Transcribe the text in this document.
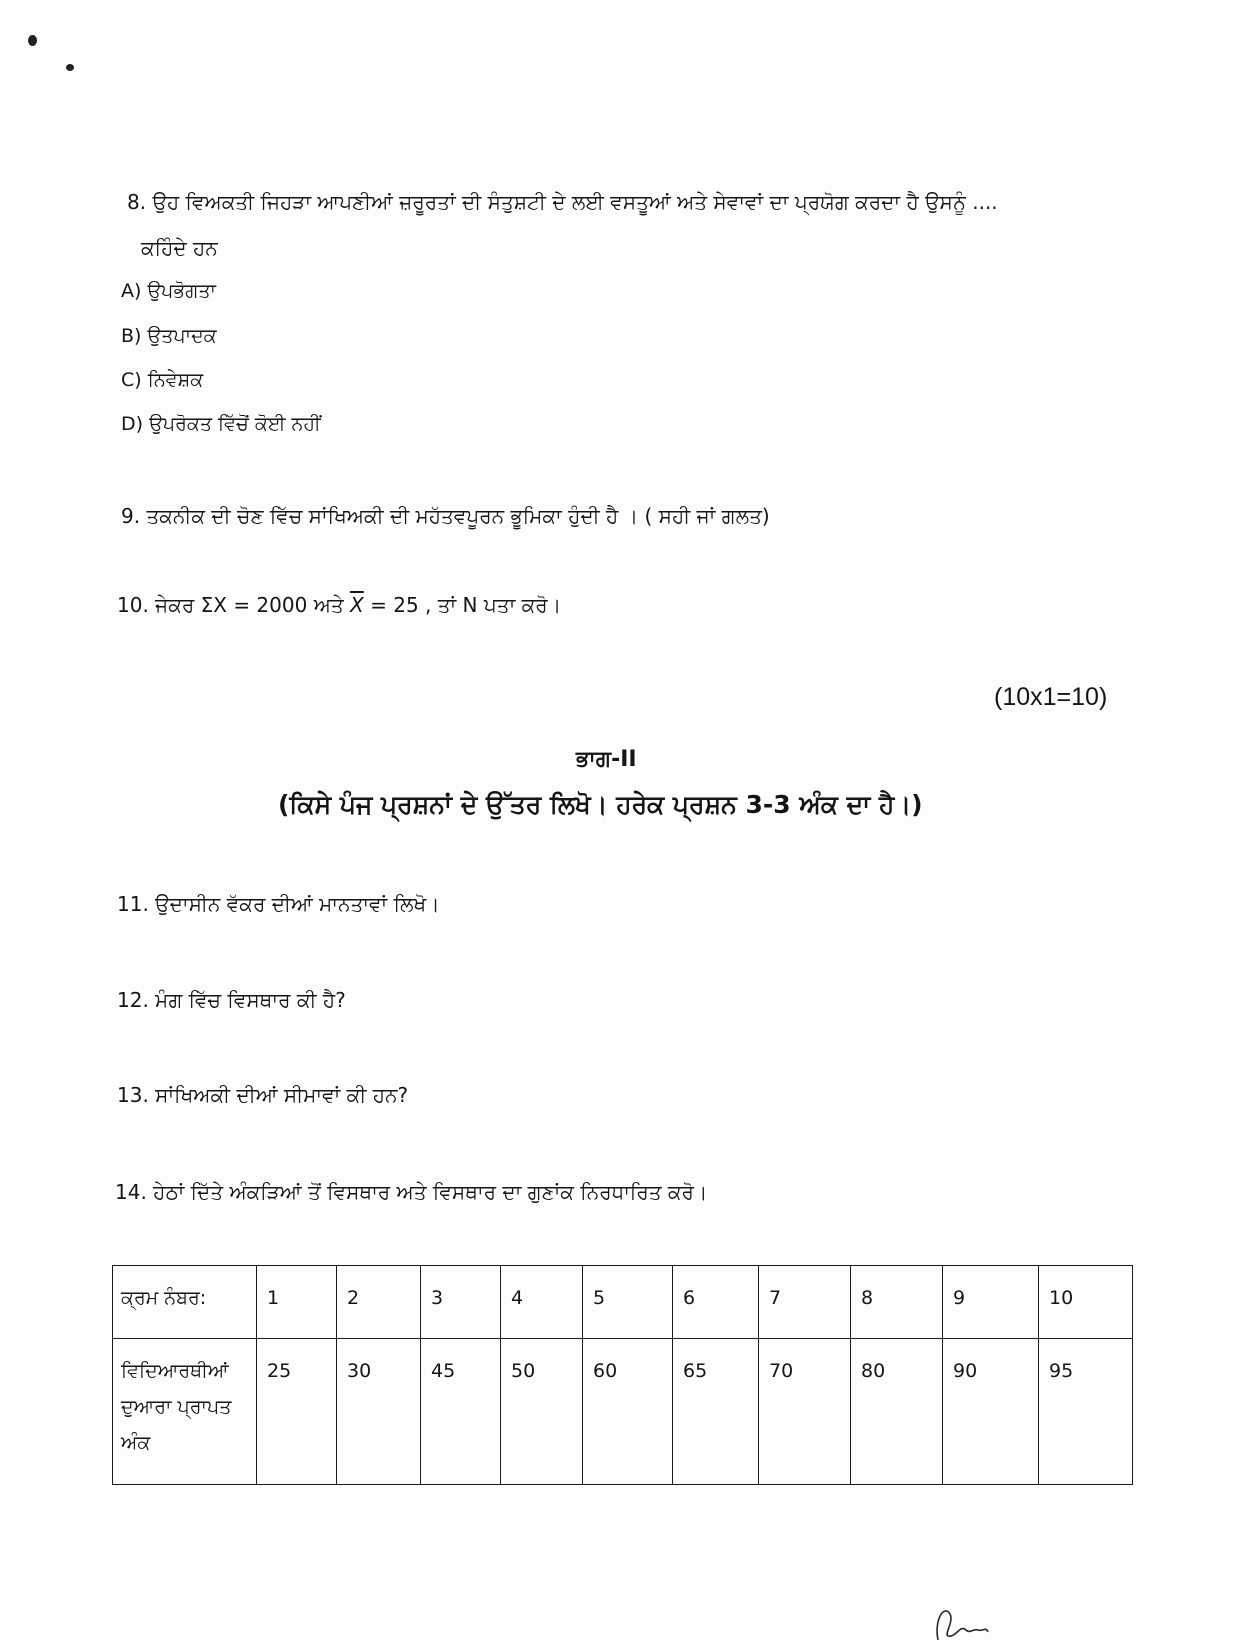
8. ਉਹ ਵਿਅਕਤੀ ਜਿਹੜਾ ਆਪਣੀਆਂ ਜ਼ਰੂਰਤਾਂ ਦੀ ਸੰਤੁਸ਼ਟੀ ਦੇ ਲਈ ਵਸਤੂਆਂ ਅਤੇ ਸੇਵਾਵਾਂ ਦਾ ਪ੍ਰਯੋਗ ਕਰਦਾ ਹੈ ਉਸਨੂੰ ....
ਕਹਿੰਦੇ ਹਨ
A) ਉਪਭੋਗਤਾ
B) ਉਤਪਾਦਕ
C) ਨਿਵੇਸ਼ਕ
D) ਉਪਰੋਕਤ ਵਿੱਚੋਂ ਕੋਈ ਨਹੀਂ
9. ਤਕਨੀਕ ਦੀ ਚੋਣ ਵਿੱਚ ਸਾਂਖਿਅਕੀ ਦੀ ਮਹੱਤਵਪੂਰਨ ਭੂਮਿਕਾ ਹੁੰਦੀ ਹੈ । ( ਸਹੀ ਜਾਂ ਗਲਤ)
10. ਜੇਕਰ ΣX = 2000 ਅਤੇ $\overline{X} = 25$ , ਤਾਂ N ਪਤਾ ਕਰੋ।
(10x1=10)
ਭਾਗ-II
(ਕਿਸੇ ਪੰਜ ਪ੍ਰਸ਼ਨਾਂ ਦੇ ਉੱਤਰ ਲਿਖੋ। ਹਰੇਕ ਪ੍ਰਸ਼ਨ 3-3 ਅੰਕ ਦਾ ਹੈ।)
11. ਉਦਾਸੀਨ ਵੱਕਰ ਦੀਆਂ ਮਾਨਤਾਵਾਂ ਲਿਖੋ।
12. ਮੰਗ ਵਿੱਚ ਵਿਸਥਾਰ ਕੀ ਹੈ?
13. ਸਾਂਖਿਅਕੀ ਦੀਆਂ ਸੀਮਾਵਾਂ ਕੀ ਹਨ?
14. ਹੇਠਾਂ ਦਿੱਤੇ ਅੰਕੜਿਆਂ ਤੋਂ ਵਿਸਥਾਰ ਅਤੇ ਵਿਸਥਾਰ ਦਾ ਗੁਣਾਂਕ ਨਿਰਧਾਰਿਤ ਕਰੋ।
ਕ੍ਰਮ ਨੰਬਰ:	1	2	3	4	5	6	7	8	9	10

ਵਿਦਿਆਰਥੀਆਂ
ਦੁਆਰਾ ਪ੍ਰਾਪਤ
ਅੰਕ	25	30	45	50	60	65	70	80	90	95
